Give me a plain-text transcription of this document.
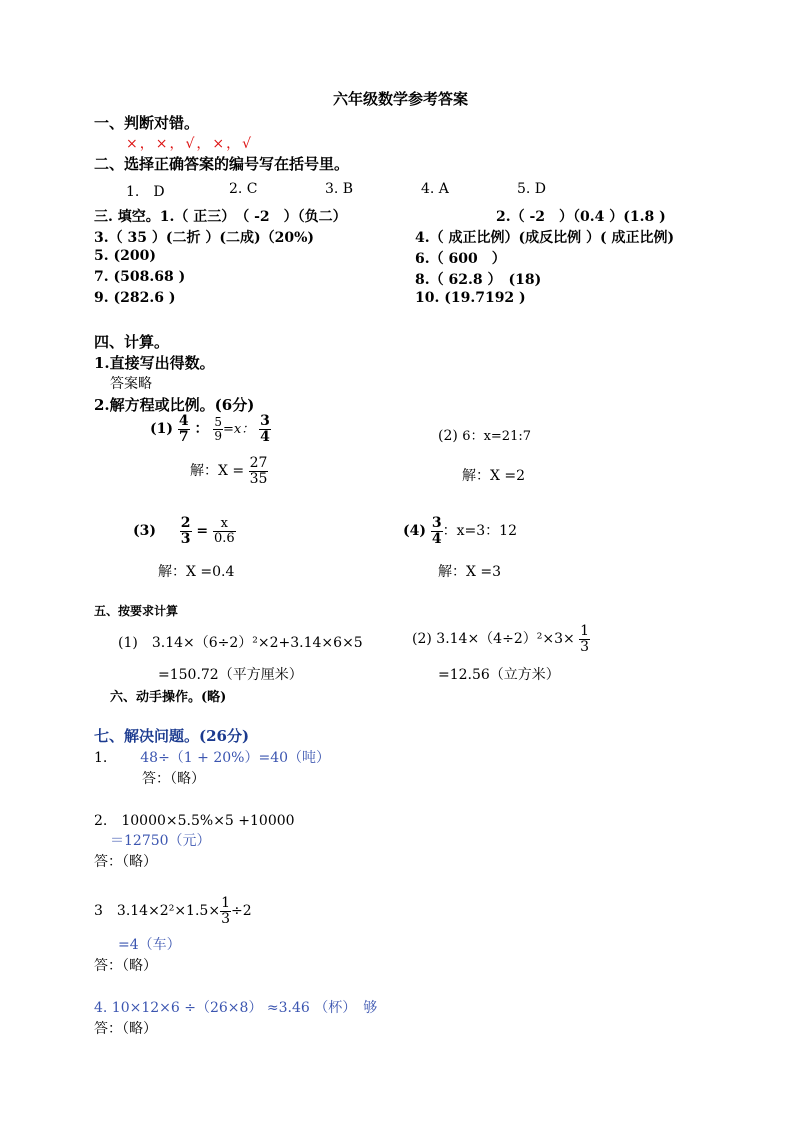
六年级数学参考答案
一、判断对错。
×，×，√，×，√
二、选择正确答案的编号写在括号里。
1.　D	2. C	3. B	4. A	5. D
三. 填空。1.（ 正三）　（ -2　）（负二）	2.（ -2　）（0.4 ）(1.8 )
3.（ 35 ）(二折 ）(二成)（20%)	4.（ 成正比例）(成反比例 ）( 成正比例)
5. (200)	6.（ 600　）
7. (508.68 )	8.（ 62.8 ）　(18)
9. (282.6 )	10. (19.7192 )
四、计算。
1.直接写出得数。
答案略
2.解方程或比例。(6分)
$(1) \frac{4}{7}$ ： $\frac{5}{9} =x$： $\frac{3}{4}$
解：$X = \frac{27}{35}$
(2) 6：x=21:7
解：X =2
$(3) \frac{2}{3} = \frac{x}{0.6}$
解：X =0.4
$(4) \frac{3}{4}$ ：x=3：12
解：X =3
五、按要求计算
(1)　3.14×（6÷2）²×2+3.14×6×5	(2) $3.14\times(4\div 2)^2\times 3\times \frac{1}{3}$
=150.72（平方厘米）	=12.56（立方米）
六、动手操作。(略)
七、解决问题。(26分)
1. 48÷（1 + 20%）=40（吨）
答：（略）
2.　10000×5.5%×5 +10000
＝12750（元）
答：（略）
3　$3.14\times 2^2\times 1.5\times \frac{1}{3} \div 2$
=4（车）
答：（略）
4. 10×12×6 ÷（26×8） ≈3.46 （杯）　够
答：（略）
